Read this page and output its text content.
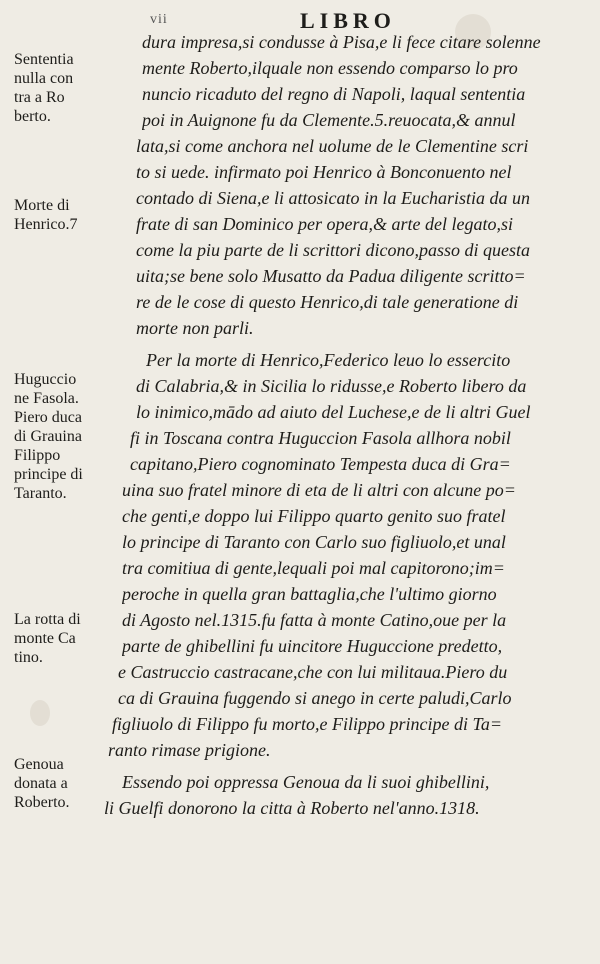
vii	LIBRO
Sententia
nulla con
tra a Ro
berto.
Morte di
Henrico.7
Huguccio
ne Fasola.
Piero duca
di Grauina
Filippo
principe di
Taranto.
La rotta di
monte Ca
tino.
Genoua
donata a
Roberto.
dura impresa,si condusse à Pisa,e li fece citare solenne
mente Roberto,ilquale non essendo comparso lo pro
nuncio ricaduto del regno di Napoli, laqual sententia
poi in Auignone fu da Clemente.5.reuocata,& annul
lata,si come anchora nel uolume de le Clementine scri
to si uede. infirmato poi Henrico à Bonconuento nel
contado di Siena,e li attosicato in la Eucharistia da un
frate di san Dominico per opera,& arte del legato,si
come la piu parte de li scrittori dicono,passo di questa
uita;se bene solo Musatto da Padua diligente scritto=
re de le cose di questo Henrico,di tale generatione di
morte non parli.
Per la morte di Henrico,Federico leuo lo essercito
di Calabria,& in Sicilia lo ridusse,e Roberto libero da
lo inimico,mādo ad aiuto del Luchese,e de li altri Guel
fi in Toscana contra Huguccion Fasola allhora nobil
capitano,Piero cognominato Tempesta duca di Gra=
uina suo fratel minore di eta de li altri con alcune po=
che genti,e doppo lui Filippo quarto genito suo fratel
lo principe di Taranto con Carlo suo figliuolo,et unal
tra comitiua di gente,lequali poi mal capitorono;im=
peroche in quella gran battaglia,che l'ultimo giorno
di Agosto nel.1315.fu fatta à monte Catino,oue per la
parte de ghibellini fu uincitore Huguccione predetto,
e Castruccio castracane,che con lui militaua.Piero du
ca di Grauina fuggendo si anego in certe paludi,Carlo
figliuolo di Filippo fu morto,e Filippo principe di Ta=
ranto rimase prigione.
Essendo poi oppressa Genoua da li suoi ghibellini,
li Guelfi donorono la citta à Roberto nel'anno.1318.
